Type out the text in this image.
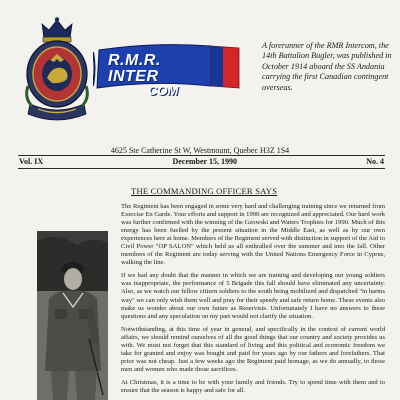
R.M.R. INTER
COM
A forerunner of the RMR Intercom, the 14th Battalion Bugler, was published in October 1914 aboard the SS Andania carrying the first Canadian contingent overseas.
4625 Ste Catherine St W, Westmount, Quebec H3Z 1S4
Vol. IX	December 15, 1990	No. 4
THE COMMANDING OFFICER SAYS

The Regiment has been engaged in some very hard and challenging training since we returned from Exercise En Garde. Your efforts and support in 1990 are recognized and appreciated. Our hard work was further confirmed with the winning of the Gzowski and Waters Trophies for 1990. Much of this energy has been fuelled by the present situation in the Middle East, as well as by our own experiences here at home. Members of the Regiment served with distinction in support of the Aid to Civil Power "OP SALON" which held us all enthralled over the summer and into the fall. Other members of the Regiment are today serving with the United Nations Emergency Force in Cyprus, walking the line.

If we had any doubt that the manner in which we are training and developing our young soldiers was inappropriate, the performance of 5 Brigade this fall should have eliminated any uncertainty. Also, as we watch our fellow citizen soldiers to the south being mobilized and dispatched "in harms way" we can only wish them well and pray for their speedy and safe return home. These events also make us wonder about our own future as Reservists. Unfortunately I have no answers to these questions and any speculation on my part would not clarify the situation.

Notwithstanding, at this time of year in general, and specifically in the context of current world affairs, we should remind ourselves of all the good things that our country and society provides us with. We must not forget that this standard of living and this political and economic freedom we take for granted and enjoy was bought and paid for years ago by our fathers and forefathers. That price was not cheap. Just a few weeks ago the Regiment paid homage, as we do annually, to those men and women who made those sacrifices.

At Christmas, it is a time to be with your family and friends. Try to spend time with them and to ensure that the season is happy and safe for all.
